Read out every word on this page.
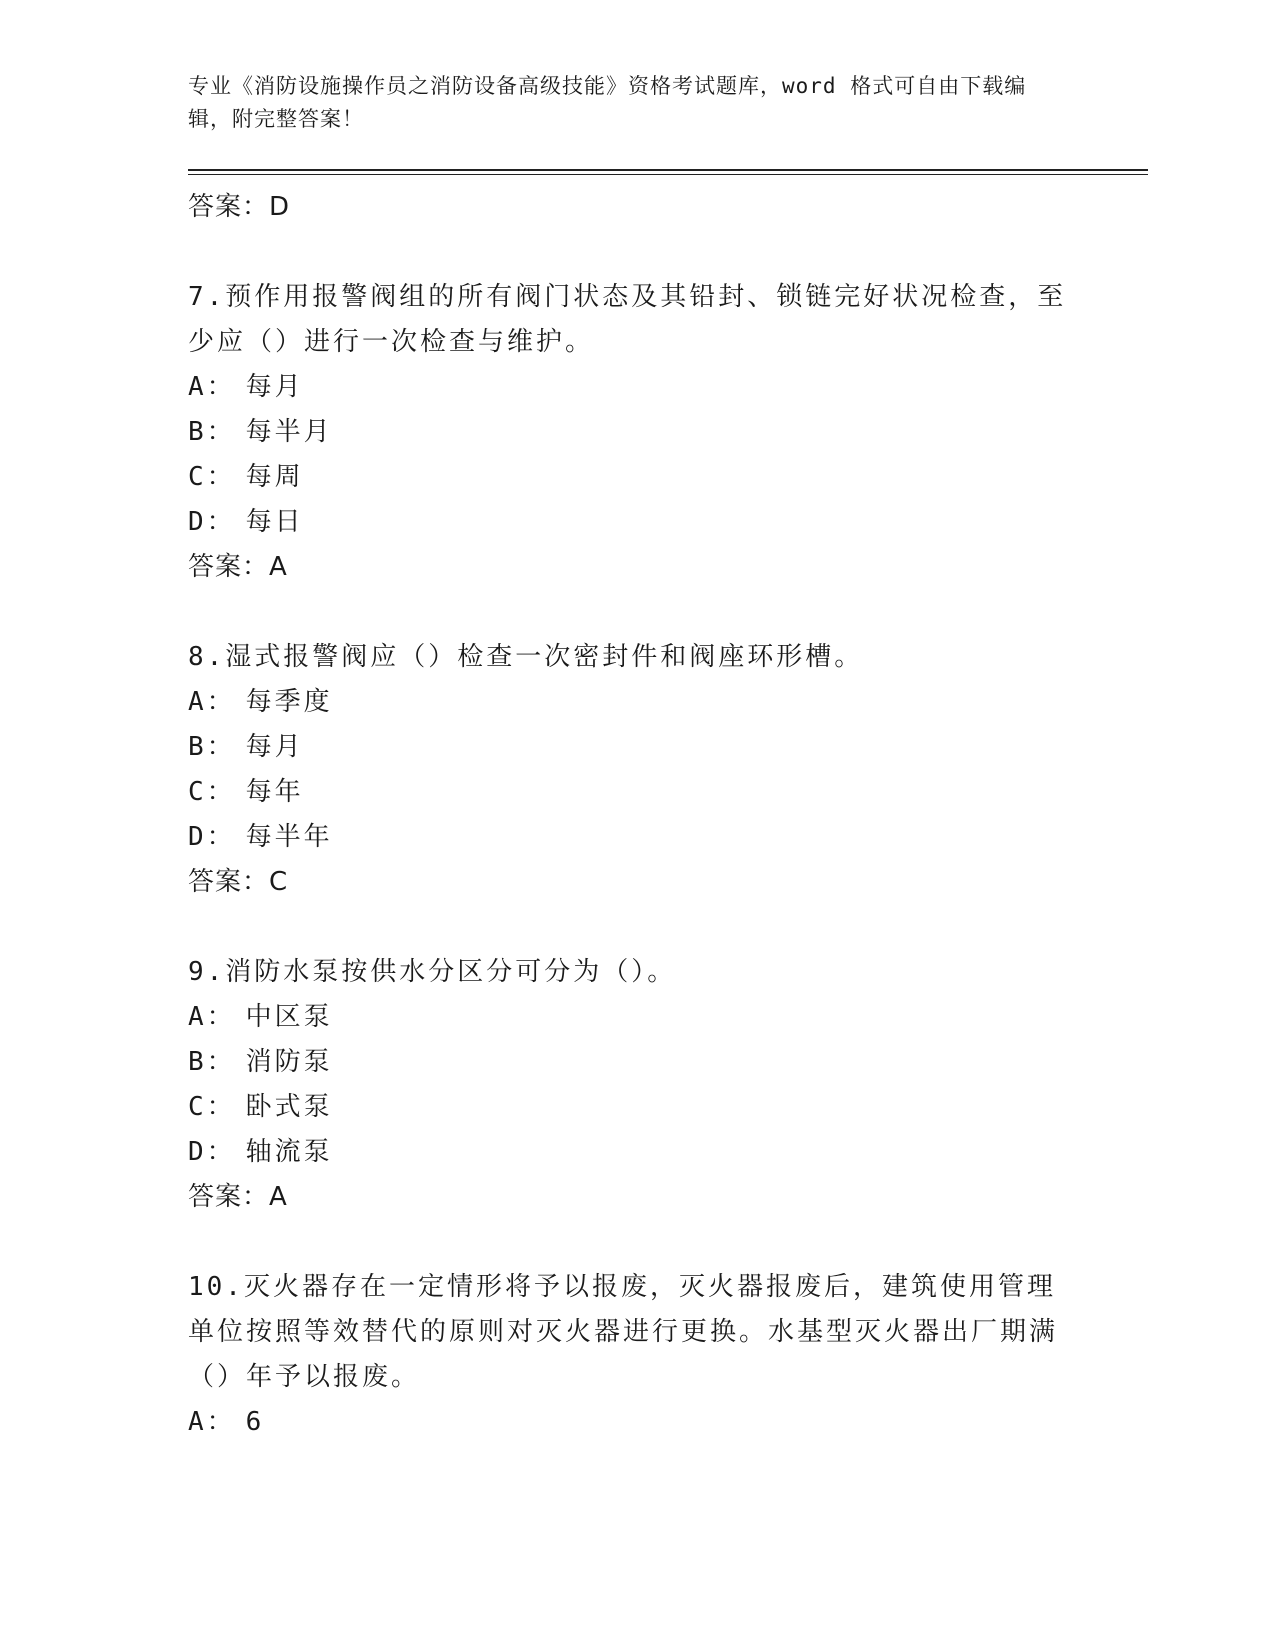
专业《消防设施操作员之消防设备高级技能》资格考试题库，word 格式可自由下载编辑，附完整答案！

答案：D

7.预作用报警阀组的所有阀门状态及其铅封、锁链完好状况检查，至少应（）进行一次检查与维护。

A： 每月

B： 每半月

C： 每周

D： 每日

答案：A

8.湿式报警阀应（）检查一次密封件和阀座环形槽。

A： 每季度

B： 每月

C： 每年

D： 每半年

答案：C

9.消防水泵按供水分区分可分为（）。

A： 中区泵

B： 消防泵

C： 卧式泵

D： 轴流泵

答案：A

10.灭火器存在一定情形将予以报废，灭火器报废后，建筑使用管理单位按照等效替代的原则对灭火器进行更换。水基型灭火器出厂期满（）年予以报废。

A： 6
